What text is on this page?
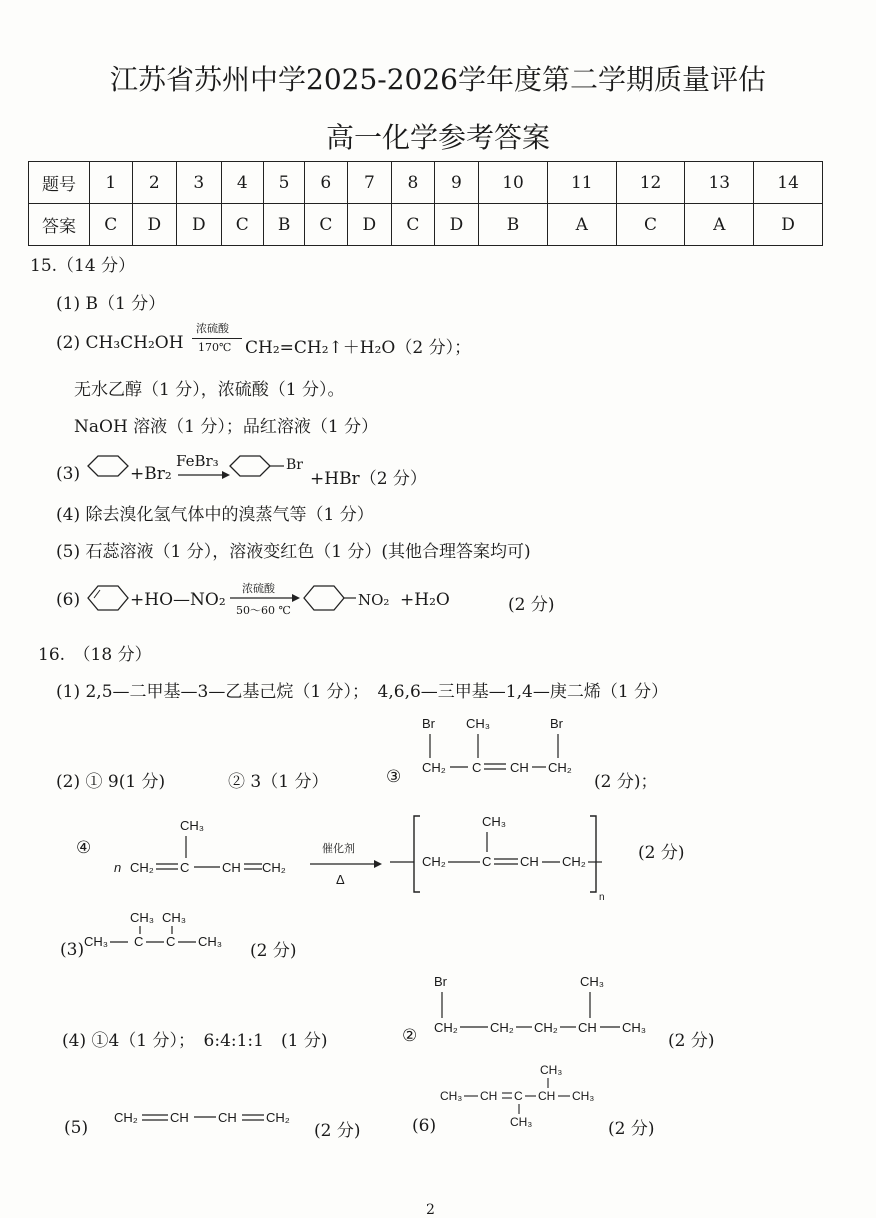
江苏省苏州中学2025-2026学年度第二学期质量评估
高一化学参考答案
题号	1	2	3	4	5	6	7	8	9	10	11	12	13	14
答案	C	D	D	C	B	C	D	C	D	B	A	C	A	D
15.（14 分）
(1) B（1 分）
(2) CH₃CH₂OH
浓硫酸
170℃ CH₂=CH₂↑＋H₂O（2 分）；
无水乙醇（1 分），浓硫酸（1 分）。
NaOH 溶液（1 分）；品红溶液（1 分）
(3)	+Br₂
FeBr₃	Br
+HBr（2 分）
(4) 除去溴化氢气体中的溴蒸气等（1 分）
(5) 石蕊溶液（1 分），溶液变红色（1 分）(其他合理答案均可)
(6)	+HO—NO₂
浓硫酸
50～60 ℃
NO₂ +H₂O	(2 分)
16.　（18 分）
(1) 2,5—二甲基—3—乙基己烷（1 分）；　4,6,6—三甲基—1,4—庚二烯（1 分）
(2) ① 9(1 分)	② 3（1 分）	③	(2 分)；
Br CH₃	Br
CH₂ C CH CH₂
④
n CH₂ C
CH₃
CH CH₂
催化剂
Δ
CH₂	C
CH₃
CH CH₂
n
(2 分)
(3)
CH₃ CH₃
CH₃ C C CH₃ (2 分)
(4) ①4（1 分）；　6:4:1:1　(1 分)	②
Br	CH₃
CH₂ CH₂ CH₂ CH CH₃
(2 分)
(5)
CH₂ CH CH CH₂
(2 分)	(6)
CH₃
CH₃ CH C
CH₃
CH CH₃
(2 分)
2
